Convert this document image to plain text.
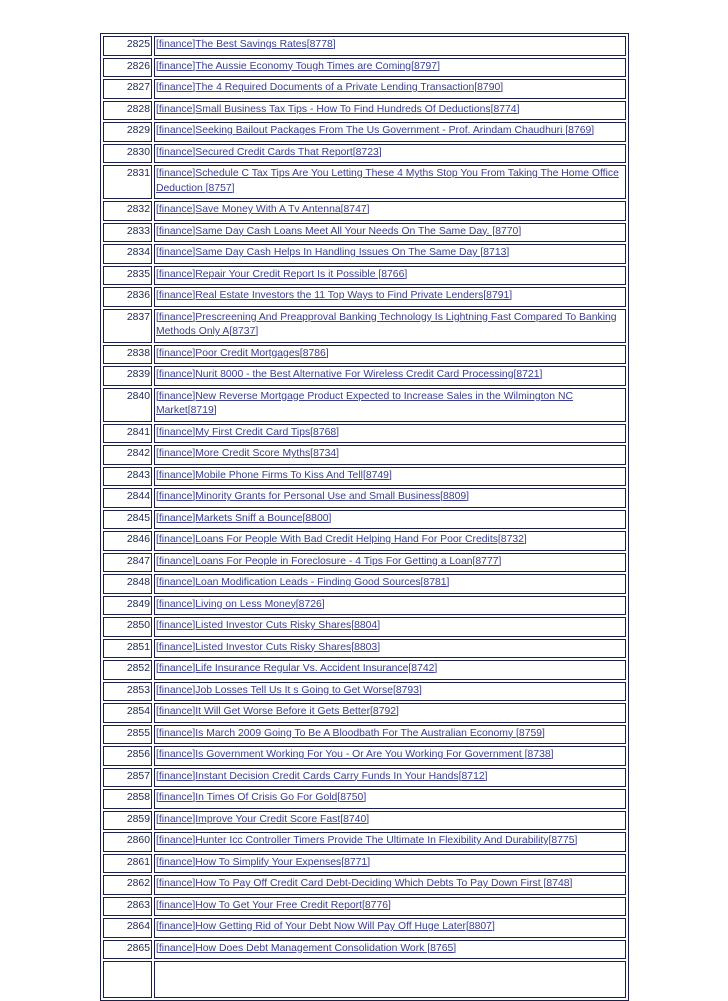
2825	[finance]The Best Savings Rates[8778]
2826	[finance]The Aussie Economy Tough Times are Coming[8797]
2827	[finance]The 4 Required Documents of a Private Lending Transaction[8790]
2828	[finance]Small Business Tax Tips - How To Find Hundreds Of Deductions[8774]
2829	[finance]Seeking Bailout Packages From The Us Government - Prof. Arindam Chaudhuri [8769]
2830	[finance]Secured Credit Cards That Report[8723]
2831	[finance]Schedule C Tax Tips Are You Letting These 4 Myths Stop You From Taking The Home Office Deduction [8757]
2832	[finance]Save Money With A Tv Antenna[8747]
2833	[finance]Same Day Cash Loans Meet All Your Needs On The Same Day. [8770]
2834	[finance]Same Day Cash Helps In Handling Issues On The Same Day [8713]
2835	[finance]Repair Your Credit Report Is it Possible [8766]
2836	[finance]Real Estate Investors the 11 Top Ways to Find Private Lenders[8791]
2837	[finance]Prescreening And Preapproval Banking Technology Is Lightning Fast Compared To Banking Methods Only A[8737]
2838	[finance]Poor Credit Mortgages[8786]
2839	[finance]Nurit 8000 - the Best Alternative For Wireless Credit Card Processing[8721]
2840	[finance]New Reverse Mortgage Product Expected to Increase Sales in the Wilmington NC Market[8719]
2841	[finance]My First Credit Card Tips[8768]
2842	[finance]More Credit Score Myths[8734]
2843	[finance]Mobile Phone Firms To Kiss And Tell[8749]
2844	[finance]Minority Grants for Personal Use and Small Business[8809]
2845	[finance]Markets Sniff a Bounce[8800]
2846	[finance]Loans For People With Bad Credit Helping Hand For Poor Credits[8732]
2847	[finance]Loans For People in Foreclosure - 4 Tips For Getting a Loan[8777]
2848	[finance]Loan Modification Leads - Finding Good Sources[8781]
2849	[finance]Living on Less Money[8726]
2850	[finance]Listed Investor Cuts Risky Shares[8804]
2851	[finance]Listed Investor Cuts Risky Shares[8803]
2852	[finance]Life Insurance Regular Vs. Accident Insurance[8742]
2853	[finance]Job Losses Tell Us It s Going to Get Worse[8793]
2854	[finance]It Will Get Worse Before it Gets Better[8792]
2855	[finance]Is March 2009 Going To Be A Bloodbath For The Australian Economy [8759]
2856	[finance]Is Government Working For You - Or Are You Working For Government [8738]
2857	[finance]Instant Decision Credit Cards Carry Funds In Your Hands[8712]
2858	[finance]In Times Of Crisis Go For Gold[8750]
2859	[finance]Improve Your Credit Score Fast[8740]
2860	[finance]Hunter Icc Controller Timers Provide The Ultimate In Flexibility And Durability[8775]
2861	[finance]How To Simplify Your Expenses[8771]
2862	[finance]How To Pay Off Credit Card Debt-Deciding Which Debts To Pay Down First [8748]
2863	[finance]How To Get Your Free Credit Report[8776]
2864	[finance]How Getting Rid of Your Debt Now Will Pay Off Huge Later[8807]
2865	[finance]How Does Debt Management Consolidation Work [8765]
